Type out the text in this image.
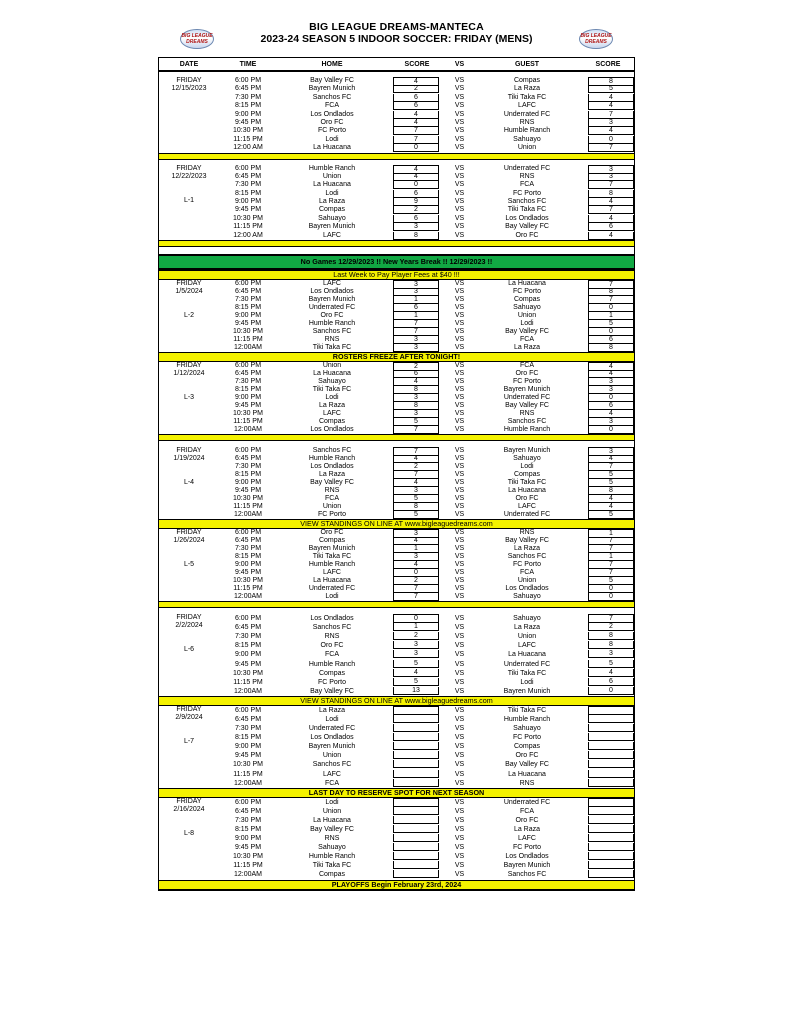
BIG LEAGUE DREAMS
BIG LEAGUE DREAMS-MANTECA
2023-24 SEASON 5 INDOOR SOCCER: FRIDAY (MENS)	BIG LEAGUE DREAMS
DATE	TIME	HOME	SCORE	VS	GUEST	SCORE
FRIDAY
12/15/2023
6:00 PM	Bay Valley FC	4	VS	Compas	8
6:45 PM	Bayren Munich	2	VS	La Raza	5
7:30 PM	Sanchos FC	6	VS	Tiki Taka FC	4
8:15 PM	FCA	6	VS	LAFC	4
9:00 PM	Los Ondlados	4	VS	Underrated FC	7
9:45 PM	Oro FC	4	VS	RNS	3
10:30 PM	FC Porto	7	VS	Humble Ranch	4
11:15 PM	Lodi	7	VS	Sahuayo	0
12:00 AM	La Huacana	0	VS	Union	7
FRIDAY
12/22/2023
L-1
6:00 PM	Humble Ranch	4	VS	Underrated FC	3
6:45 PM	Union	4	VS	RNS	3
7:30 PM	La Huacana	0	VS	FCA	7
8:15 PM	Lodi	6	VS	FC Porto	8
9:00 PM	La Raza	9	VS	Sanchos FC	4
9:45 PM	Compas	2	VS	Tiki Taka FC	7
10:30 PM	Sahuayo	6	VS	Los Ondlados	4
11:15 PM	Bayren Munich	3	VS	Bay Valley FC	6
12:00 AM	LAFC	8	VS	Oro FC	4
No Games 12/29/2023 !! New Years Break !! 12/29/2023 !!
Last Week to Pay Player Fees at $40 !!!
FRIDAY
1/5/2024
L-2
6:00 PM	LAFC	3	VS	La Huacana	7
6:45 PM	Los Ondlados	3	VS	FC Porto	8
7:30 PM	Bayren Munich	1	VS	Compas	7
8:15 PM	Underrated FC	6	VS	Sahuayo	0
9:00 PM	Oro FC	1	VS	Union	1
9:45 PM	Humble Ranch	7	VS	Lodi	5
10:30 PM	Sanchos FC	7	VS	Bay Valley FC	0
11:15 PM	RNS	3	VS	FCA	6
12:00AM	Tiki Taka FC	3	VS	La Raza	8
ROSTERS FREEZE AFTER TONIGHT!
FRIDAY
1/12/2024
L-3
6:00 PM	Union	2	VS	FCA	4
6:45 PM	La Huacana	6	VS	Oro FC	4
7:30 PM	Sahuayo	4	VS	FC Porto	3
8:15 PM	Tiki Taka FC	8	VS	Bayren Munich	3
9:00 PM	Lodi	3	VS	Underrated FC	0
9:45 PM	La Raza	8	VS	Bay Valley FC	6
10:30 PM	LAFC	3	VS	RNS	4
11:15 PM	Compas	5	VS	Sanchos FC	3
12:00AM	Los Ondlados	7	VS	Humble Ranch	0
FRIDAY
1/19/2024
L-4
6:00 PM	Sanchos FC	7	VS	Bayren Munich	3
6:45 PM	Humble Ranch	4	VS	Sahuayo	4
7:30 PM	Los Ondlados	2	VS	Lodi	7
8:15 PM	La Raza	7	VS	Compas	5
9:00 PM	Bay Valley FC	4	VS	Tiki Taka FC	5
9:45 PM	RNS	3	VS	La Huacana	8
10:30 PM	FCA	5	VS	Oro FC	4
11:15 PM	Union	8	VS	LAFC	4
12:00AM	FC Porto	5	VS	Underrated FC	5
VIEW STANDINGS ON LINE AT www.bigleaguedreams.com
FRIDAY
1/26/2024
L-5
6:00 PM	Oro FC	3	VS	RNS	1
6:45 PM	Compas	4	VS	Bay Valley FC	7
7:30 PM	Bayren Munich	1	VS	La Raza	7
8:15 PM	Tiki Taka FC	3	VS	Sanchos FC	1
9:00 PM	Humble Ranch	4	VS	FC Porto	7
9:45 PM	LAFC	0	VS	FCA	7
10:30 PM	La Huacana	2	VS	Union	5
11:15 PM	Underrated FC	7	VS	Los Ondlados	0
12:00AM	Lodi	7	VS	Sahuayo	0
FRIDAY
2/2/2024
L-6
6:00 PM	Los Ondlados	0	VS	Sahuayo	7
6:45 PM	Sanchos FC	1	VS	La Raza	2
7:30 PM	RNS	2	VS	Union	8
8:15 PM	Oro FC	3	VS	LAFC	8
9:00 PM	FCA	3	VS	La Huacana	3
9:45 PM	Humble Ranch	5	VS	Underrated FC	5
10:30 PM	Compas	4	VS	Tiki Taka FC	4
11:15 PM	FC Porto	5	VS	Lodi	6
12:00AM	Bay Valley FC	13	VS	Bayren Munich	0
VIEW STANDINGS ON LINE AT www.bigleaguedreams.com
FRIDAY
2/9/2024
L-7
6:00 PM	La Raza	VS	Tiki Taka FC
6:45 PM	Lodi	VS	Humble Ranch
7:30 PM	Underrated FC	VS	Sahuayo
8:15 PM	Los Ondlados	VS	FC Porto
9:00 PM	Bayren Munich	VS	Compas
9:45 PM	Union	VS	Oro FC
10:30 PM	Sanchos FC	VS	Bay Valley FC
11:15 PM	LAFC	VS	La Huacana
12:00AM	FCA	VS	RNS
LAST DAY TO RESERVE SPOT FOR NEXT SEASON
FRIDAY
2/16/2024
L-8
6:00 PM	Lodi	VS	Underrated FC
6:45 PM	Union	VS	FCA
7:30 PM	La Huacana	VS	Oro FC
8:15 PM	Bay Valley FC	VS	La Raza
9:00 PM	RNS	VS	LAFC
9:45 PM	Sahuayo	VS	FC Porto
10:30 PM	Humble Ranch	VS	Los Ondlados
11:15 PM	Tiki Taka FC	VS	Bayren Munich
12:00AM	Compas	VS	Sanchos FC
PLAYOFFS Begin February 23rd, 2024
